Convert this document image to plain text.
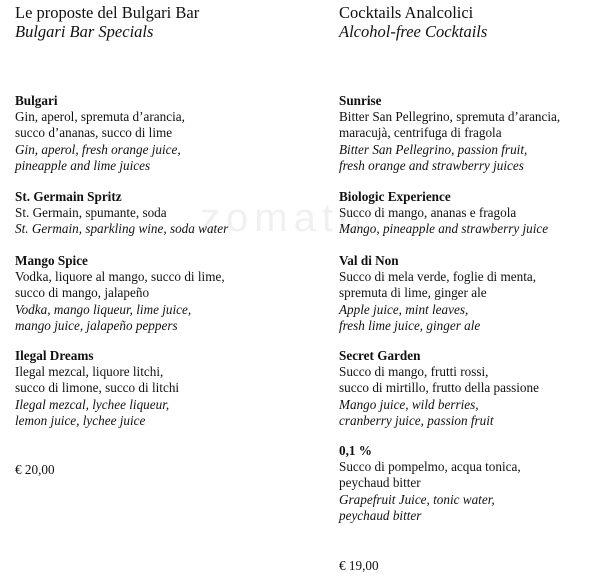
zomato
Le proposte del Bulgari Bar
Bulgari Bar Specials
Bulgari
Gin, aperol, spremuta d’arancia,
succo d’ananas, succo di lime
Gin, aperol, fresh orange juice,
pineapple and lime juices
St. Germain Spritz
St. Germain, spumante, soda
St. Germain, sparkling wine, soda water
Mango Spice
Vodka, liquore al mango, succo di lime,
succo di mango, jalapeño
Vodka, mango liqueur, lime juice,
mango juice, jalapeño peppers
Ilegal Dreams
Ilegal mezcal, liquore litchi,
succo di limone, succo di litchi
Ilegal mezcal, lychee liqueur,
lemon juice, lychee juice
€ 20,00
Cocktails Analcolici
Alcohol-free Cocktails
Sunrise
Bitter San Pellegrino, spremuta d’arancia,
maracujà, centrifuga di fragola
Bitter San Pellegrino, passion fruit,
fresh orange and strawberry juices
Biologic Experience
Succo di mango, ananas e fragola
Mango, pineapple and strawberry juice
Val di Non
Succo di mela verde, foglie di menta,
spremuta di lime, ginger ale
Apple juice, mint leaves,
fresh lime juice, ginger ale
Secret Garden
Succo di mango, frutti rossi,
succo di mirtillo, frutto della passione
Mango juice, wild berries,
cranberry juice, passion fruit
0,1 %
Succo di pompelmo, acqua tonica,
peychaud bitter
Grapefruit Juice, tonic water,
peychaud bitter
€ 19,00
